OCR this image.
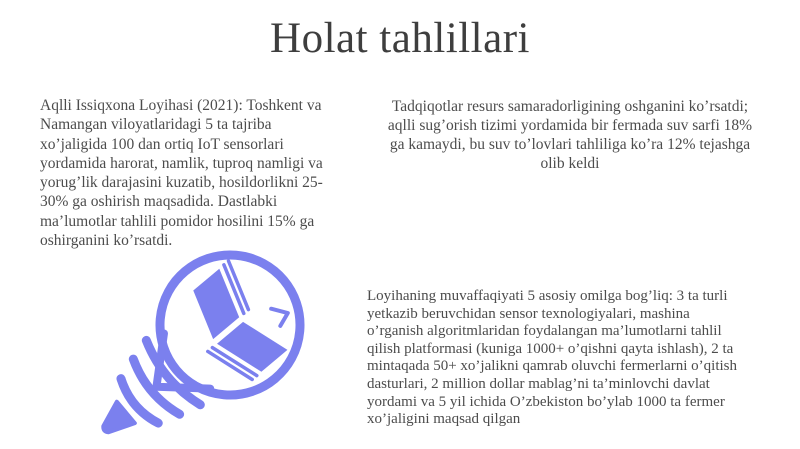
Holat tahlillari

Aqlli Issiqxona Loyihasi (2021): Toshkent va Namangan viloyatlaridagi 5 ta tajriba xo’jaligida 100 dan ortiq IoT sensorlari yordamida harorat, namlik, tuproq namligi va yorug’lik darajasini kuzatib, hosildorlikni 25-30% ga oshirish maqsadida. Dastlabki ma’lumotlar tahlili pomidor hosilini 15% ga oshirganini ko’rsatdi.

Tadqiqotlar resurs samaradorligining oshganini ko’rsatdi; aqlli sug’orish tizimi yordamida bir fermada suv sarfi 18% ga kamaydi, bu suv to’lovlari tahliliga ko’ra 12% tejashga olib keldi

Loyihaning muvaffaqiyati 5 asosiy omilga bog’liq: 3 ta turli yetkazib beruvchidan sensor texnologiyalari, mashina o’rganish algoritmlaridan foydalangan ma’lumotlarni tahlil qilish platformasi (kuniga 1000+ o’qishni qayta ishlash), 2 ta mintaqada 50+ xo’jalikni qamrab oluvchi fermerlarni o’qitish dasturlari, 2 million dollar mablag’ni ta’minlovchi davlat yordami va 5 yil ichida O’zbekiston bo’ylab 1000 ta fermer xo’jaligini maqsad qilgan
